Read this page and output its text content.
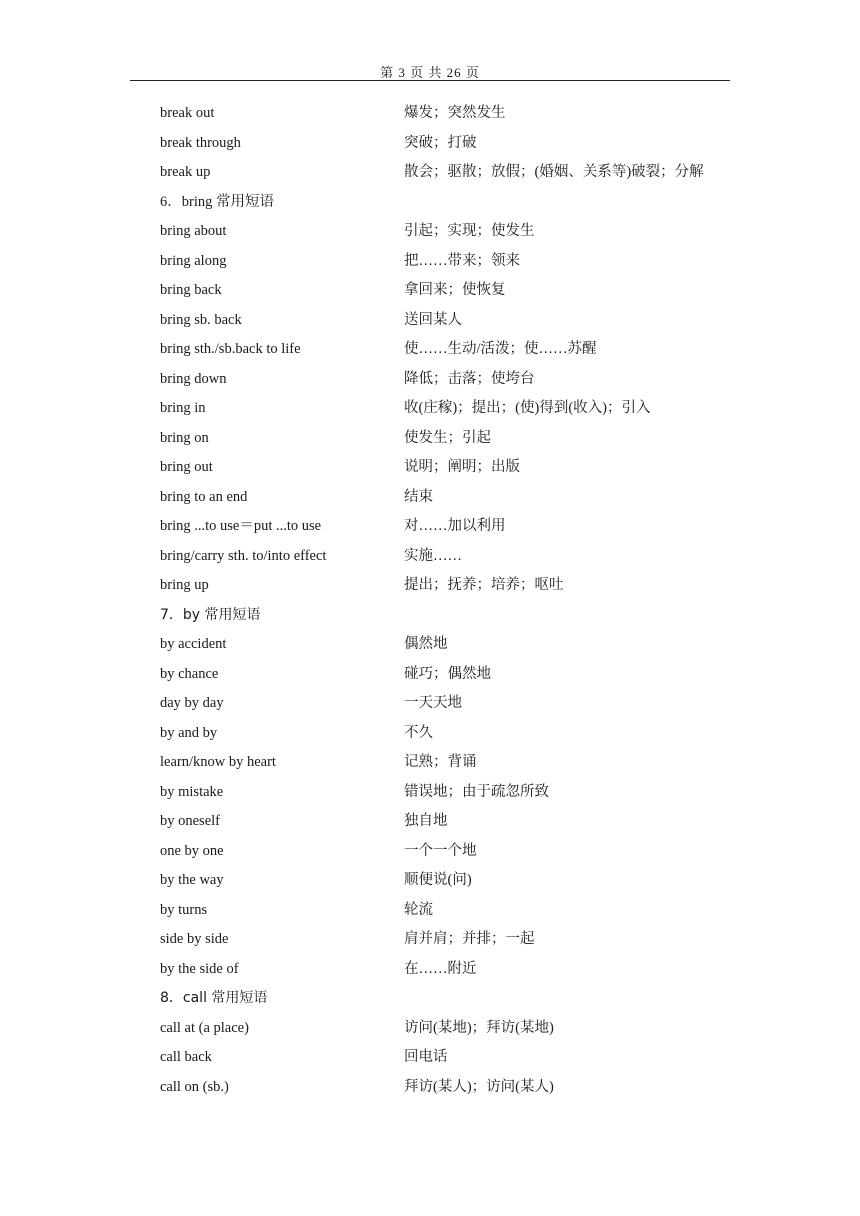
第 3 页 共 26 页
break out	爆发；突然发生
break through	突破；打破
break up	散会；驱散；放假；(婚姻、关系等)破裂；分解
6．bring 常用短语
bring about	引起；实现；使发生
bring along	把……带来；领来
bring back	拿回来；使恢复
bring sb. back	送回某人
bring sth./sb.back to life	使……生动/活泼；使……苏醒
bring down	降低；击落；使垮台
bring in	收(庄稼)；提出；(使)得到(收入)；引入
bring on	使发生；引起
bring out	说明；阐明；出版
bring to an end	结束
bring ...to use＝put ...to use	对……加以利用
bring/carry sth. to/into effect	实施……
bring up	提出；抚养；培养；呕吐
7．by 常用短语
by accident	偶然地
by chance	碰巧；偶然地
day by day	一天天地
by and by	不久
learn/know by heart	记熟；背诵
by mistake	错误地；由于疏忽所致
by oneself	独自地
one by one	一个一个地
by the way	顺便说(问)
by turns	轮流
side by side	肩并肩；并排；一起
by the side of	在……附近
8．call 常用短语
call at (a place)	访问(某地)；拜访(某地)
call back	回电话
call on (sb.)	拜访(某人)；访问(某人)
